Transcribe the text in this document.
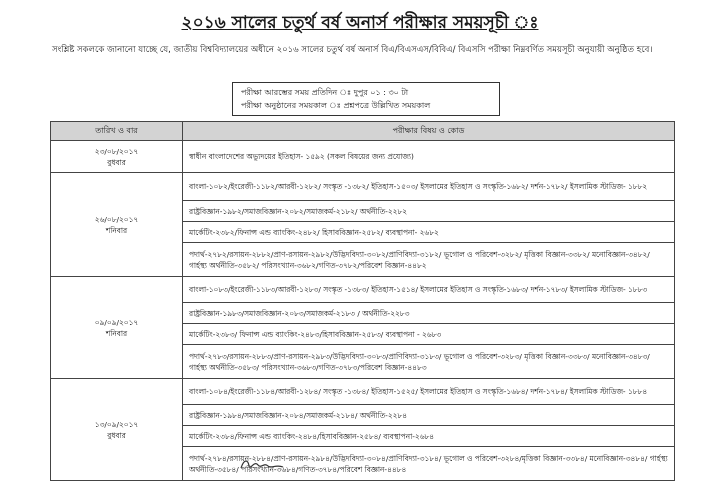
২০১৬ সালের চতুর্থ বর্ষ অনার্স পরীক্ষার সময়সূচী ঃ
সংশ্লিষ্ট সকলকে জানানো যাচ্ছে যে, জাতীয় বিশ্ববিদ্যালয়ের অধীনে ২০১৬ সালের চতুর্থ বর্ষ অনার্স বিএ/বিএসএস/বিবিএ/ বিএসসি পরীক্ষা নিম্নবর্ণিত সময়সূচী অনুযায়ী অনুষ্ঠিত হবে।
পরীক্ষা আরম্ভের সময় প্রতিদিন ঃ দুপুর ০১ : ৩০ টা
পরীক্ষা অনুষ্ঠানের সময়কাল ঃ প্রশ্নপত্রে উল্লিখিত সময়কাল
তারিখ ও বার	পরীক্ষার বিষয় ও কোড

২৩/০৮/২০১৭
বুধবার	স্বাধীন বাংলাদেশের অভ্যুদয়ের ইতিহাস- ১৫৯২ (সকল বিষয়ের জন্য প্রযোজ্য)

২৬/০৮/২০১৭
শনিবার	বাংলা-১০৮২/ইংরেজী-১১৮২/আরবী-১২৮২/ সংস্কৃত -১৩৮২/ ইতিহাস-১৫০৩/ ইসলামের ইতিহাস ও সংস্কৃতি-১৬৮২/ দর্শন-১৭৮২/ ইসলামিক স্টাডিজ- ১৮৮২
	রাষ্ট্রবিজ্ঞান-১৯৮২/সমাজবিজ্ঞান-২০৮২/সমাজকর্ম-২১৮২/ অর্থনীতি-২২৮২
	মার্কেটিং-২৩৮২/ফিনান্স এন্ড ব্যাংকিং-২৪৮২/ হিসাববিজ্ঞান-২৫৮২/ ব্যবস্থাপনা- ২৬৮২
	পদার্থ-২৭৮২/রসায়ন-২৮৮২/প্রাণ-রসায়ন-২৯৮২/উদ্ভিদবিদ্যা-৩০৮২/প্রাণিবিদ্যা-৩১৮২/ ভূগোল ও পরিবেশ-৩২৮২/ মৃত্তিকা বিজ্ঞান-৩৩৮২/ মনোবিজ্ঞান-৩৪৮২/ গার্হস্থ্য অর্থনীতি-৩৫৮২/ পরিসংখ্যান-৩৬৮২/গণিত-৩৭৮২/পরিবেশ বিজ্ঞান-৪৪৮২

০৯/০৯/২০১৭
শনিবার	বাংলা-১০৮৩/ইংরেজী-১১৮৩/আরবী-১২৮৩/ সংস্কৃত -১৩৮৩/ ইতিহাস-১৫১৪/ ইসলামের ইতিহাস ও সংস্কৃতি-১৬৮৩/ দর্শন-১৭৮৩/ ইসলামিক স্টাডিজ- ১৮৮৩
	রাষ্ট্রবিজ্ঞান-১৯৮৩/সমাজবিজ্ঞান-২০৮৩/সমাজকর্ম-২১৮৩ / অর্থনীতি-২২৮৩
	মার্কেটিং-২৩৮৩/ ফিনান্স এন্ড ব্যাংকিং-২৪৮৩/হিসাববিজ্ঞান-২৫৮৩/ ব্যবস্থাপনা - ২৬৮৩
	পদার্থ-২৭৮৩/রসায়ন-২৮৮৩/প্রাণ-রসায়ন-২৯৮৩/উদ্ভিদবিদ্যা-৩০৮৩/প্রাণিবিদ্যা-৩১৮৩/ ভূগোল ও পরিবেশ-৩২৮৩/ মৃত্তিকা বিজ্ঞান-৩৩৮৩/ মনোবিজ্ঞান-৩৪৮৩/ গার্হস্থ্য অর্থনীতি-৩৫৮৩/ পরিসংখ্যান-৩৬৮৩/গণিত-৩৭৮৩/পরিবেশ বিজ্ঞান-৪৪৮৩

১৩/০৯/২০১৭
বুধবার	বাংলা-১০৮৪/ইংরেজী-১১৮৪/আরবী-১২৮৪/ সংস্কৃত -১৩৮৪/ ইতিহাস-১৫২৫/ ইসলামের ইতিহাস ও সংস্কৃতি-১৬৮৪/ দর্শন-১৭৮৪/ ইসলামিক স্টাডিজ- ১৮৮৪
	রাষ্ট্রবিজ্ঞান-১৯৮৪/সমাজবিজ্ঞান-২০৮৪/সমাজকর্ম-২১৮৪/ অর্থনীতি-২২৮৪
	মার্কেটিং-২৩৮৪/ফিনান্স এন্ড ব্যাংকিং-২৪৮৪/হিসাববিজ্ঞান-২৫৮৪/ ব্যবস্থাপনা-২৬৮৪
	পদার্থ-২৭৮৪/রসায়ন-২৮৮৪/প্রাণ-রসায়ন-২৯৮৪/উদ্ভিদবিদ্যা-৩০৮৪/প্রাণিবিদ্যা-৩১৮৪/ ভূগোল ও পরিবেশ-৩২৮৪/মৃত্তিকা বিজ্ঞান-৩৩৮৪/ মনোবিজ্ঞান-৩৪৮৪/ গার্হস্থ্য অর্থনীতি-৩৫৮৪/ পরিসংখ্যান-৩৬৮৪/গণিত-৩৭৮৪/পরিবেশ বিজ্ঞান-৪৪৮৪
